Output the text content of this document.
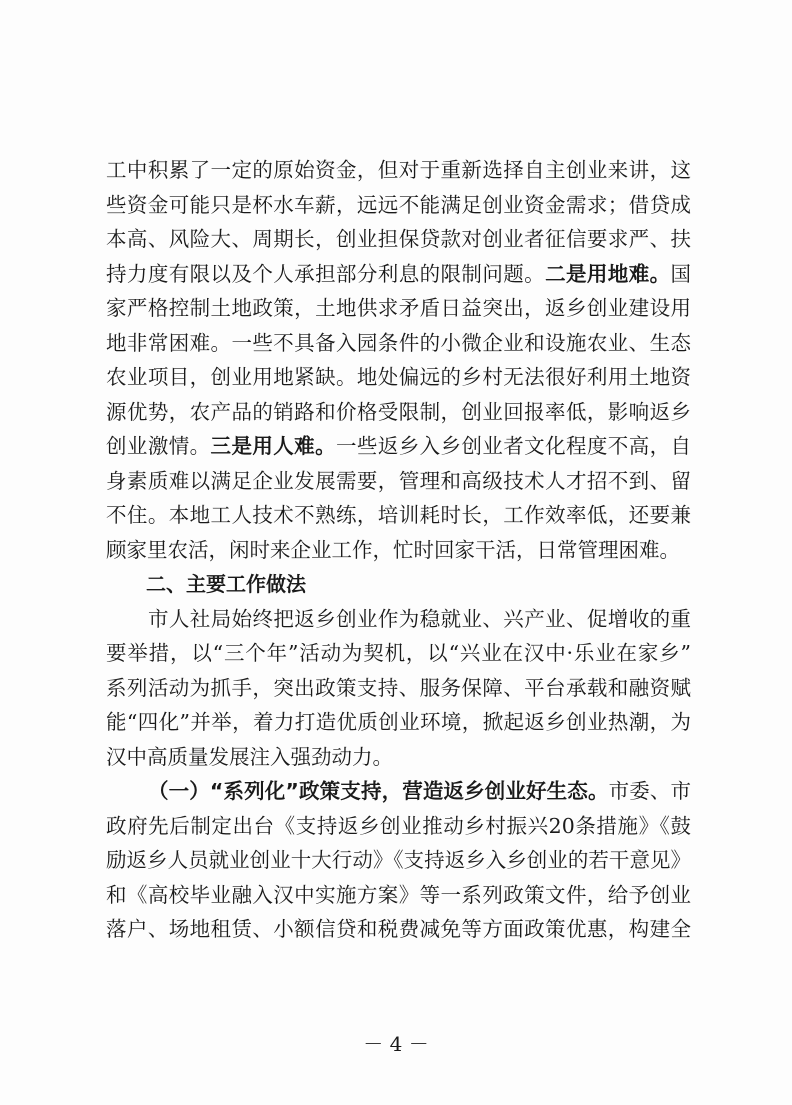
工中积累了一定的原始资金，但对于重新选择自主创业来讲，这
些资金可能只是杯水车薪，远远不能满足创业资金需求；借贷成
本高、风险大、周期长，创业担保贷款对创业者征信要求严、扶
持力度有限以及个人承担部分利息的限制问题。二是用地难。国
家严格控制土地政策，土地供求矛盾日益突出，返乡创业建设用
地非常困难。一些不具备入园条件的小微企业和设施农业、生态
农业项目，创业用地紧缺。地处偏远的乡村无法很好利用土地资
源优势，农产品的销路和价格受限制，创业回报率低，影响返乡
创业激情。三是用人难。一些返乡入乡创业者文化程度不高，自
身素质难以满足企业发展需要，管理和高级技术人才招不到、留
不住。本地工人技术不熟练，培训耗时长，工作效率低，还要兼
顾家里农活，闲时来企业工作，忙时回家干活，日常管理困难。
二、主要工作做法
市人社局始终把返乡创业作为稳就业、兴产业、促增收的重
要举措，以“三个年”活动为契机，以“兴业在汉中·乐业在家乡”
系列活动为抓手，突出政策支持、服务保障、平台承载和融资赋
能“四化”并举，着力打造优质创业环境，掀起返乡创业热潮，为
汉中高质量发展注入强劲动力。
（一）“系列化”政策支持，营造返乡创业好生态。市委、市
政府先后制定出台《支持返乡创业推动乡村振兴20条措施》《鼓
励返乡人员就业创业十大行动》《支持返乡入乡创业的若干意见》
和《高校毕业融入汉中实施方案》等一系列政策文件，给予创业
落户、场地租赁、小额信贷和税费减免等方面政策优惠，构建全
－ 4 －
